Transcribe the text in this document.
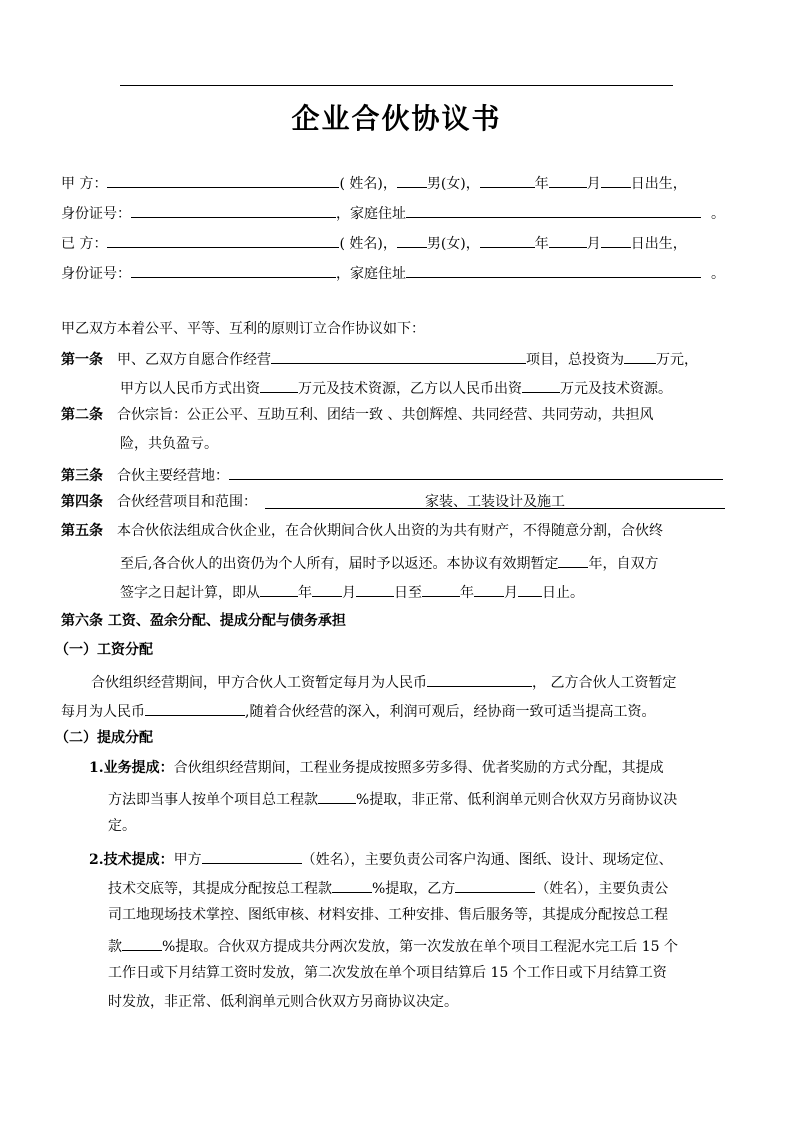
企业合伙协议书
甲 方：	( 姓名)， 男(女)，	年	月 日出生，
身份证号：	，家庭住址	。
已 方：	( 姓名)， 男(女)，	年	月 日出生，
身份证号：	，家庭住址	。
甲乙双方本着公平、平等、互利的原则订立合作协议如下：
第一条 甲、乙双方自愿合作经营	项目，总投资为 万元，
甲方以人民币方式出资	万元及技术资源，乙方以人民币出资	万元及技术资源。
第二条 合伙宗旨：公正公平、互助互利、团结一致 、共创辉煌、共同经营、共同劳动，共担风
险，共负盈亏。
第三条 合伙主要经营地：
第四条 合伙经营项目和范围：	家装、工装设计及施工
第五条 本合伙依法组成合伙企业，在合伙期间合伙人出资的为共有财产，不得随意分割，合伙终
至后,各合伙人的出资仍为个人所有，届时予以返还。本协议有效期暂定 年，自双方
签字之日起计算，即从	年 月	日至	年 月 日止。
第六条 工资、盈余分配、提成分配与债务承担
（一）工资分配
合伙组织经营期间，甲方合伙人工资暂定每月为人民币	， 乙方合伙人工资暂定
每月为人民币	,随着合伙经营的深入，利润可观后，经协商一致可适当提高工资。
（二）提成分配
1.业务提成：合伙组织经营期间，工程业务提成按照多劳多得、优者奖励的方式分配，其提成
方法即当事人按单个项目总工程款	%提取，非正常、低利润单元则合伙双方另商协议决
定。
2.技术提成：甲方	（姓名），主要负责公司客户沟通、图纸、设计、现场定位、
技术交底等，其提成分配按总工程款	%提取，乙方	（姓名），主要负责公
司工地现场技术掌控、图纸审核、材料安排、工种安排、售后服务等，其提成分配按总工程
款	%提取。合伙双方提成共分两次发放，第一次发放在单个项目工程泥水完工后 15 个
工作日或下月结算工资时发放，第二次发放在单个项目结算后 15 个工作日或下月结算工资
时发放，非正常、低利润单元则合伙双方另商协议决定。
